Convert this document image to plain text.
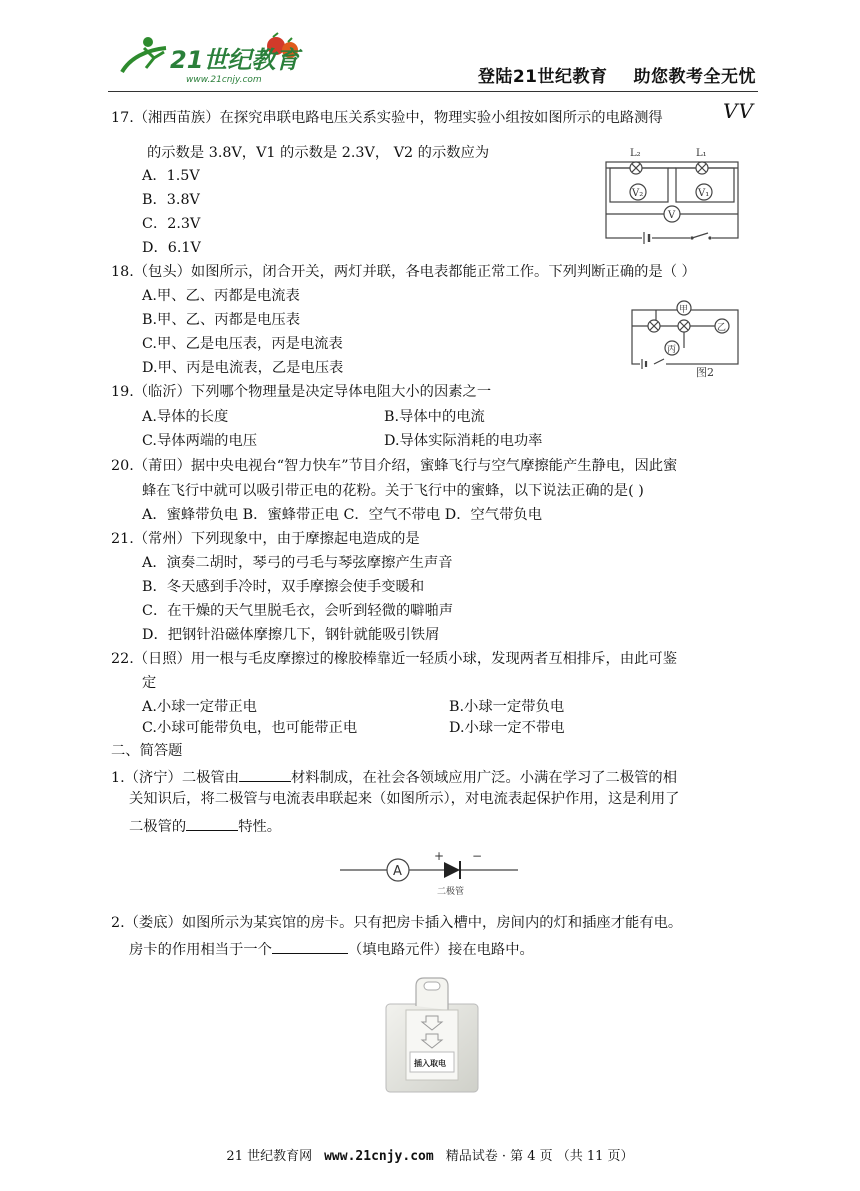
21世纪教育
www.21cnjy.com	登陆21世纪教育 助您教考全无忧
17.（湘西苗族）在探究串联电路电压关系实验中，物理实验小组按如图所示的电路测得	VV
的示数是 3.8V，V1 的示数是 2.3V， V2 的示数应为
A．1.5V
B．3.8V
C．2.3V
D．6.1V
L₂	L₁
V₂	V₁
V
18.（包头）如图所示，闭合开关，两灯并联，各电表都能正常工作。下列判断正确的是（ ）
A.甲、乙、丙都是电流表
B.甲、乙、丙都是电压表
C.甲、乙是电压表，丙是电流表
D.甲、丙是电流表，乙是电压表
甲
乙
丙
图2
19.（临沂）下列哪个物理量是决定导体电阻大小的因素之一
A.导体的长度	B.导体中的电流
C.导体两端的电压	D.导体实际消耗的电功率
20.（莆田）据中央电视台“智力快车”节目介绍，蜜蜂飞行与空气摩擦能产生静电，因此蜜
蜂在飞行中就可以吸引带正电的花粉。关于飞行中的蜜蜂，以下说法正确的是( )
A．蜜蜂带负电 B．蜜蜂带正电 C．空气不带电 D．空气带负电
21.（常州）下列现象中，由于摩擦起电造成的是
A．演奏二胡时，琴弓的弓毛与琴弦摩擦产生声音
B．冬天感到手冷时，双手摩擦会使手变暖和
C．在干燥的天气里脱毛衣，会听到轻微的噼啪声
D．把钢针沿磁体摩擦几下，钢针就能吸引铁屑
22.（日照）用一根与毛皮摩擦过的橡胶棒靠近一轻质小球，发现两者互相排斥，由此可鉴
定
A.小球一定带正电	B.小球一定带负电
C.小球可能带负电，也可能带正电	D.小球一定不带电
二、简答题
1.（济宁）二极管由	材料制成，在社会各领域应用广泛。小满在学习了二极管的相
关知识后，将二极管与电流表串联起来（如图所示），对电流表起保护作用，这是利用了
二极管的	特性。
A
+ −
二极管
2.（娄底）如图所示为某宾馆的房卡。只有把房卡插入槽中，房间内的灯和插座才能有电。
房卡的作用相当于一个	（填电路元件）接在电路中。
插入取电
21 世纪教育网 www.21cnjy.com 精品试卷 · 第 4 页 （共 11 页）
